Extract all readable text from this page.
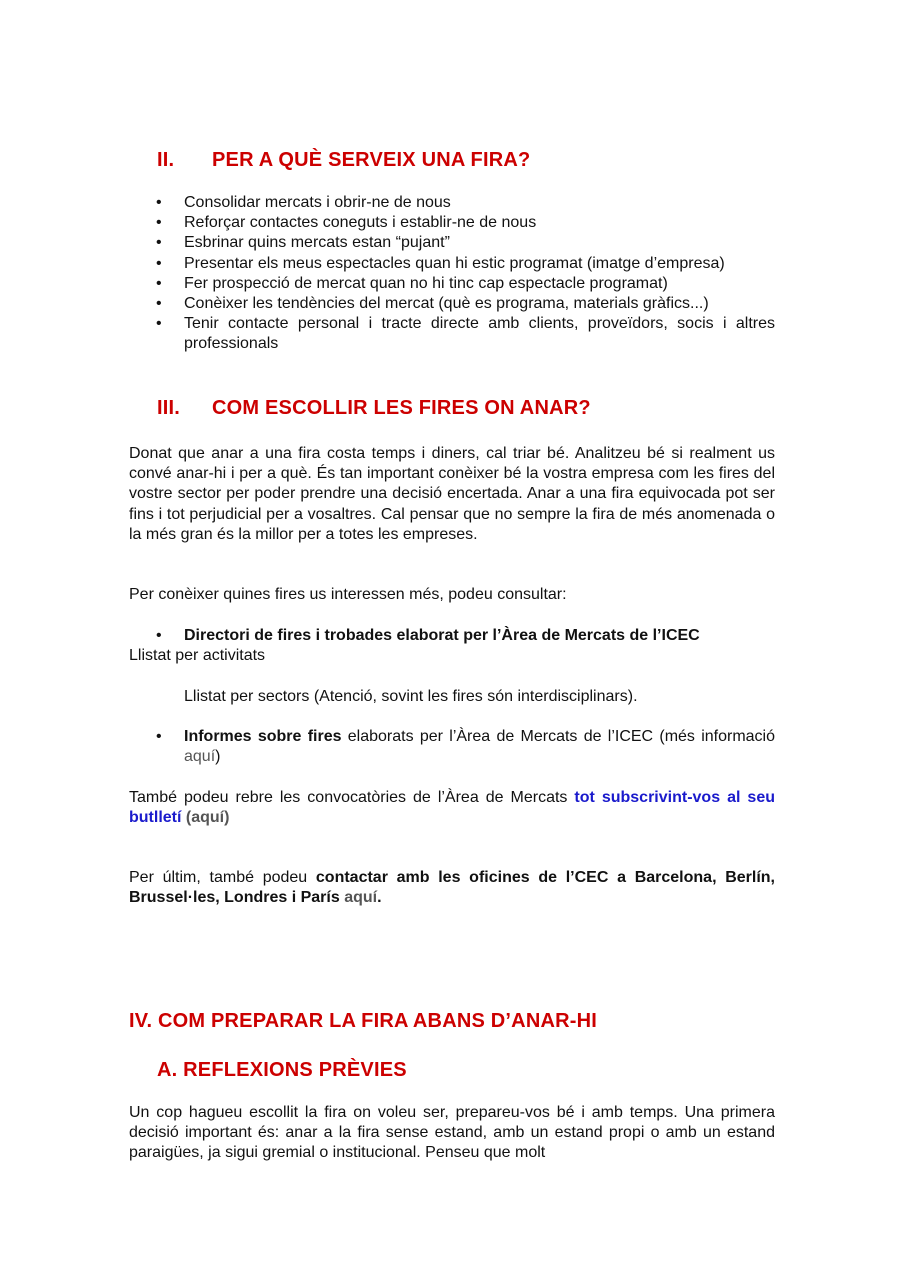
II. PER A QUÈ SERVEIX UNA FIRA?
• Consolidar mercats i obrir-ne de nous
• Reforçar contactes coneguts i establir-ne de nous
• Esbrinar quins mercats estan “pujant”
• Presentar els meus espectacles quan hi estic programat (imatge d’empresa)
• Fer prospecció de mercat quan no hi tinc cap espectacle programat)
• Conèixer les tendències del mercat (què es programa, materials gràfics...)
• Tenir contacte personal i tracte directe amb clients, proveïdors, socis i altres professionals
III. COM ESCOLLIR LES FIRES ON ANAR?
Donat que anar a una fira costa temps i diners, cal triar bé. Analitzeu bé si realment us convé anar-hi i per a què. És tan important conèixer bé la vostra empresa com les fires del vostre sector per poder prendre una decisió encertada. Anar a una fira equivocada pot ser fins i tot perjudicial per a vosaltres. Cal pensar que no sempre la fira de més anomenada o la més gran és la millor per a totes les empreses.
Per conèixer quines fires us interessen més, podeu consultar:
• Directori de fires i trobades elaborat per l’Àrea de Mercats de l’ICEC
Llistat per activitats
Llistat per sectors (Atenció, sovint les fires són interdisciplinars).
• Informes sobre fires elaborats per l’Àrea de Mercats de l’ICEC (més informació aquí)
També podeu rebre les convocatòries de l’Àrea de Mercats tot subscrivint-vos al seu butlletí (aquí)
Per últim, també podeu contactar amb les oficines de l’CEC a Barcelona, Berlín, Brussel·les, Londres i París aquí.
IV. COM PREPARAR LA FIRA ABANS D’ANAR-HI
A. REFLEXIONS PRÈVIES
Un cop hagueu escollit la fira on voleu ser, prepareu-vos bé i amb temps. Una primera decisió important és: anar a la fira sense estand, amb un estand propi o amb un estand paraigües, ja sigui gremial o institucional. Penseu que molt
